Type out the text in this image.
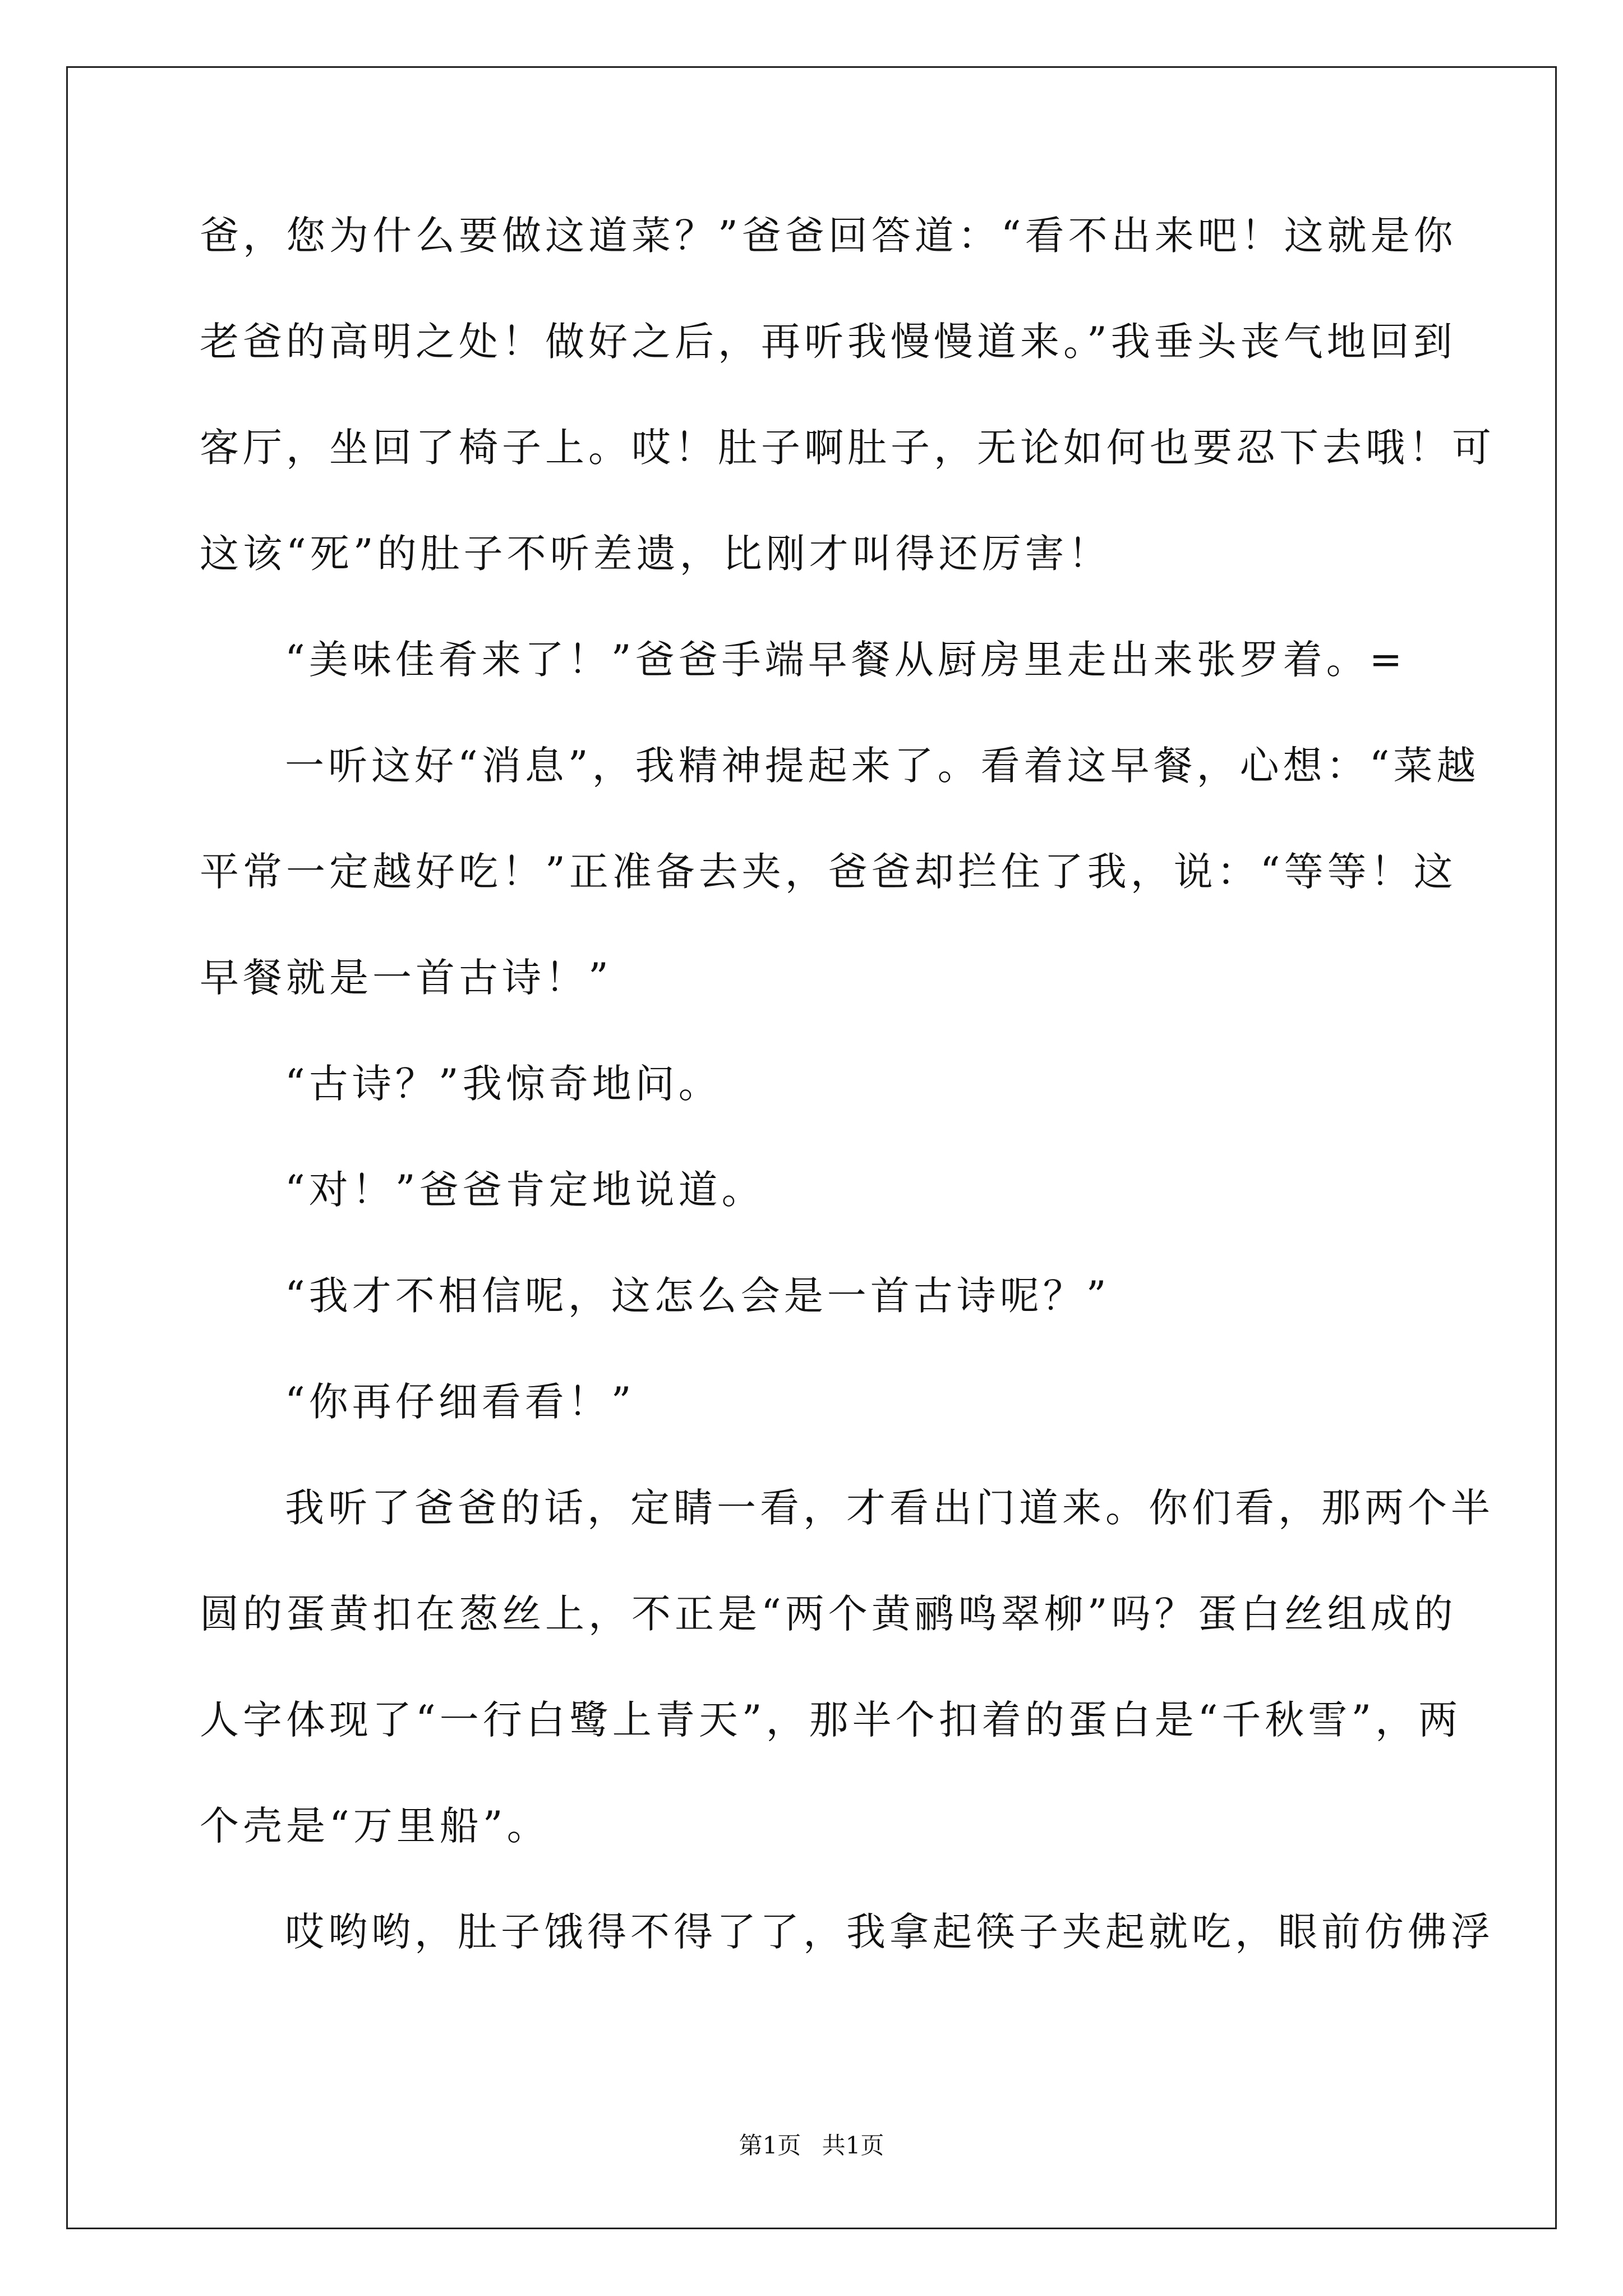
爸，您为什么要做这道菜？”爸爸回答道：“看不出来吧！这就是你
老爸的高明之处！做好之后，再听我慢慢道来。”我垂头丧气地回到
客厅，坐回了椅子上。哎！肚子啊肚子，无论如何也要忍下去哦！可
这该“死”的肚子不听差遗，比刚才叫得还厉害！
“美味佳肴来了！”爸爸手端早餐从厨房里走出来张罗着。=
一听这好“消息”，我精神提起来了。看着这早餐，心想：“菜越
平常一定越好吃！”正准备去夹，爸爸却拦住了我，说：“等等！这
早餐就是一首古诗！”
“古诗？”我惊奇地问。
“对！”爸爸肯定地说道。
“我才不相信呢，这怎么会是一首古诗呢？”
“你再仔细看看！”
我听了爸爸的话，定睛一看，才看出门道来。你们看，那两个半
圆的蛋黄扣在葱丝上，不正是“两个黄鹂鸣翠柳”吗？蛋白丝组成的
人字体现了“一行白鹭上青天”，那半个扣着的蛋白是“千秋雪”，两
个壳是“万里船”。
哎哟哟，肚子饿得不得了了，我拿起筷子夹起就吃，眼前仿佛浮
第1页 共1页
